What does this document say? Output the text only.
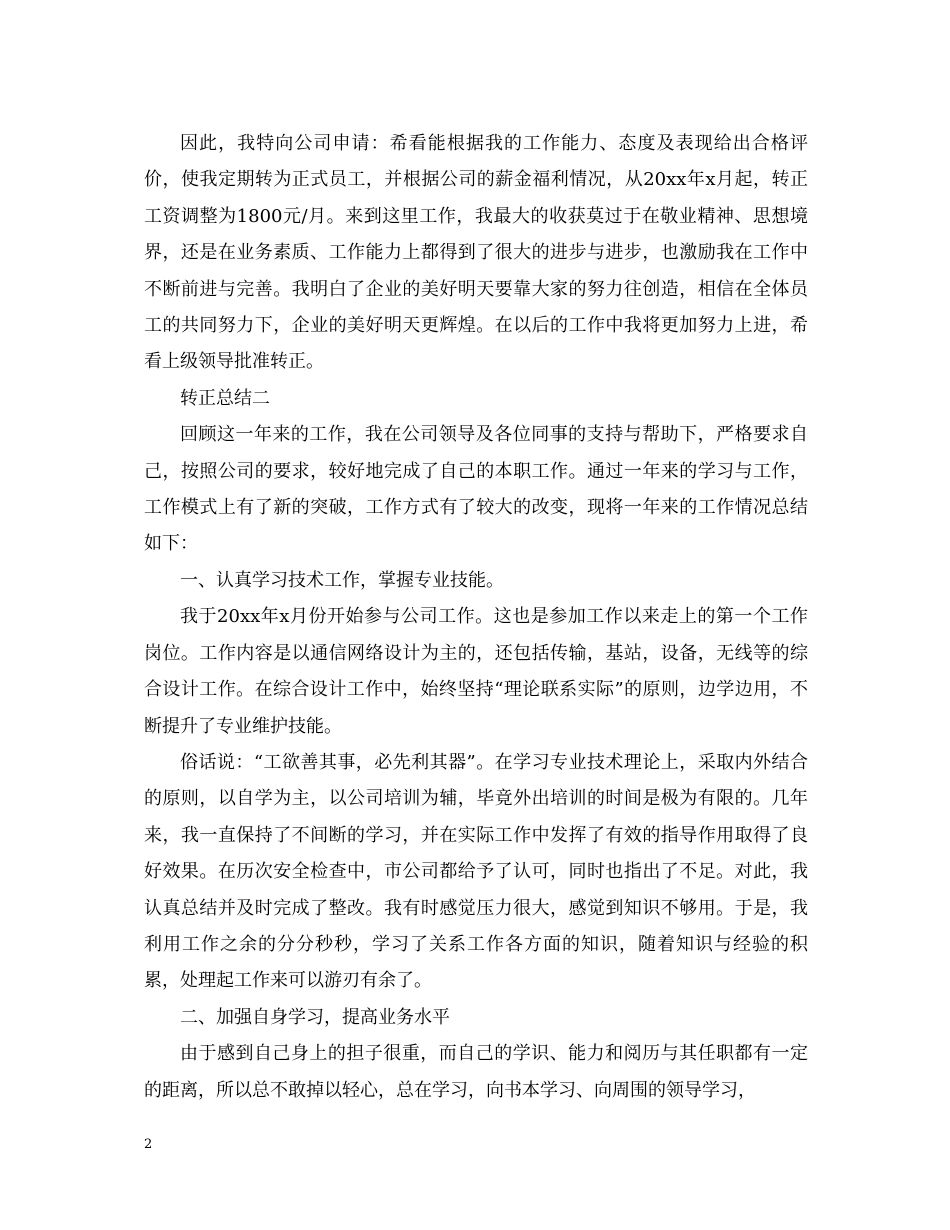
因此，我特向公司申请：希看能根据我的工作能力、态度及表现给出合格评价，使我定期转为正式员工，并根据公司的薪金福利情况，从20xx年x月起，转正工资调整为1800元/月。来到这里工作，我最大的收获莫过于在敬业精神、思想境界，还是在业务素质、工作能力上都得到了很大的进步与进步，也激励我在工作中不断前进与完善。我明白了企业的美好明天要靠大家的努力往创造，相信在全体员工的共同努力下，企业的美好明天更辉煌。在以后的工作中我将更加努力上进，希看上级领导批准转正。

转正总结二

回顾这一年来的工作，我在公司领导及各位同事的支持与帮助下，严格要求自己，按照公司的要求，较好地完成了自己的本职工作。通过一年来的学习与工作，工作模式上有了新的突破，工作方式有了较大的改变，现将一年来的工作情况总结如下：

一、认真学习技术工作，掌握专业技能。

我于20xx年x月份开始参与公司工作。这也是参加工作以来走上的第一个工作岗位。工作内容是以通信网络设计为主的，还包括传输，基站，设备，无线等的综合设计工作。在综合设计工作中，始终坚持“理论联系实际”的原则，边学边用，不断提升了专业维护技能。

俗话说：“工欲善其事，必先利其器”。在学习专业技术理论上，采取内外结合的原则，以自学为主，以公司培训为辅，毕竟外出培训的时间是极为有限的。几年来，我一直保持了不间断的学习，并在实际工作中发挥了有效的指导作用取得了良好效果。在历次安全检查中，市公司都给予了认可，同时也指出了不足。对此，我认真总结并及时完成了整改。我有时感觉压力很大，感觉到知识不够用。于是，我利用工作之余的分分秒秒，学习了关系工作各方面的知识，随着知识与经验的积累，处理起工作来可以游刃有余了。

二、加强自身学习，提高业务水平

由于感到自己身上的担子很重，而自己的学识、能力和阅历与其任职都有一定的距离，所以总不敢掉以轻心，总在学习，向书本学习、向周围的领导学习，

2
